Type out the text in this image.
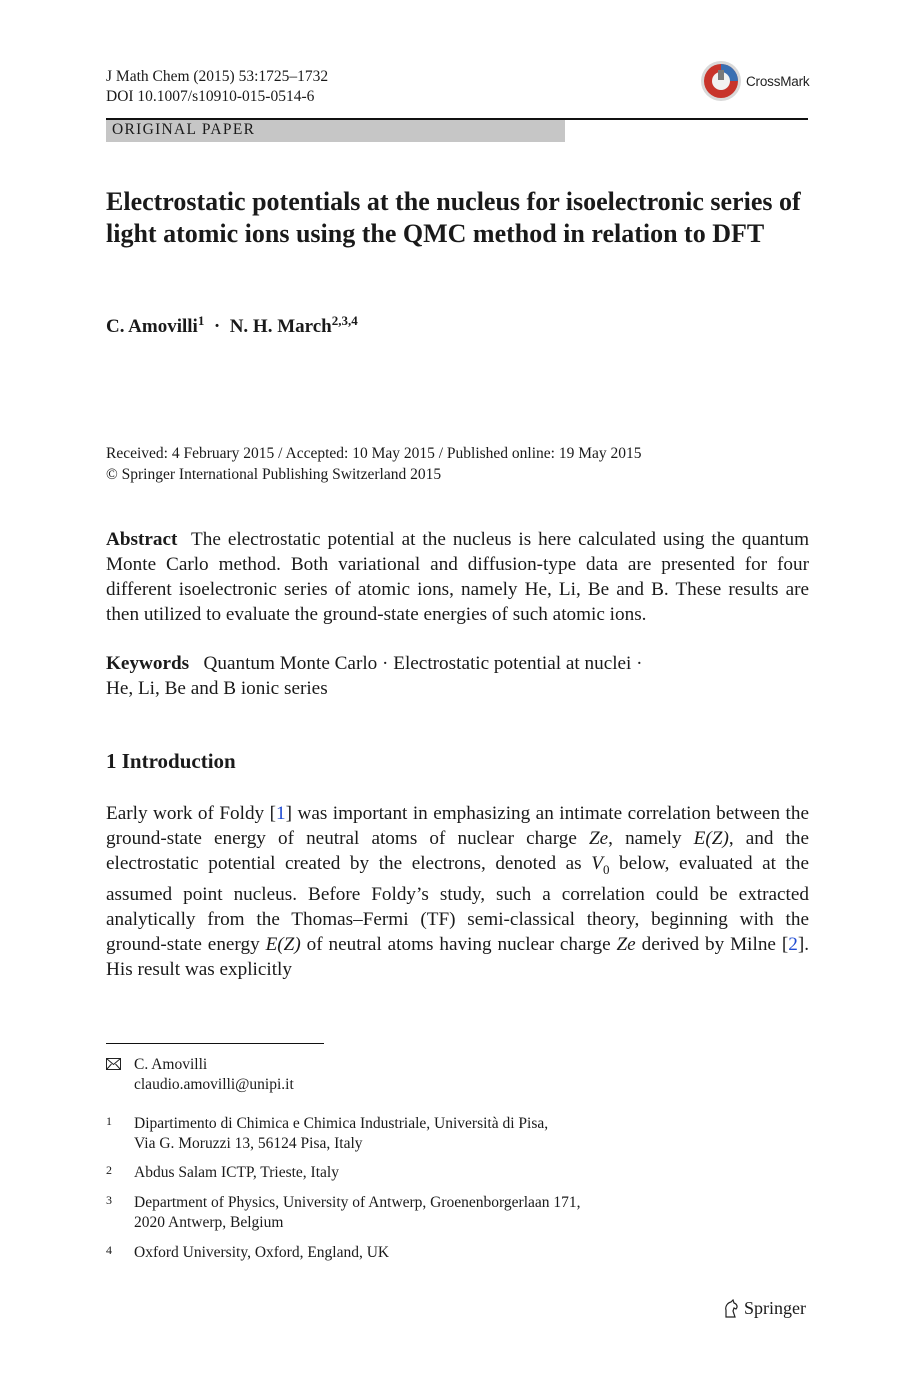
J Math Chem (2015) 53:1725–1732
DOI 10.1007/s10910-015-0514-6
CrossMark
ORIGINAL PAPER
Electrostatic potentials at the nucleus for isoelectronic series of light atomic ions using the QMC method in relation to DFT
C. Amovilli$^1$ · N. H. March$^{2,3,4}$
Received: 4 February 2015 / Accepted: 10 May 2015 / Published online: 19 May 2015
© Springer International Publishing Switzerland 2015
Abstract The electrostatic potential at the nucleus is here calculated using the quantum Monte Carlo method. Both variational and diffusion-type data are presented for four different isoelectronic series of atomic ions, namely He, Li, Be and B. These results are then utilized to evaluate the ground-state energies of such atomic ions.
Keywords Quantum Monte Carlo · Electrostatic potential at nuclei ·
He, Li, Be and B ionic series
1 Introduction
Early work of Foldy [1] was important in emphasizing an intimate correlation between the ground-state energy of neutral atoms of nuclear charge Ze, namely E(Z), and the electrostatic potential created by the electrons, denoted as $V_0$ below, evaluated at the assumed point nucleus. Before Foldy’s study, such a correlation could be extracted analytically from the Thomas–Fermi (TF) semi-classical theory, beginning with the ground-state energy E(Z) of neutral atoms having nuclear charge Ze derived by Milne [2]. His result was explicitly
C. Amovilli
claudio.amovilli@unipi.it
1 Dipartimento di Chimica e Chimica Industriale, Università di Pisa,
Via G. Moruzzi 13, 56124 Pisa, Italy
2 Abdus Salam ICTP, Trieste, Italy
3 Department of Physics, University of Antwerp, Groenenborgerlaan 171,
2020 Antwerp, Belgium
4 Oxford University, Oxford, England, UK
Springer
